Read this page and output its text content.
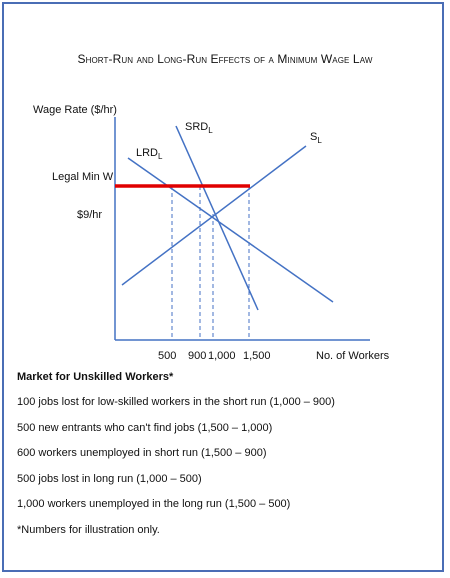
Short-Run and Long-Run Effects of a Minimum Wage Law
Wage Rate ($/hr)
No. of Workers
Legal Min W
$9/hr
500 900 1,000 1,500
$SRD_L$
$LRD_L$
$S_L$
Market for Unskilled Workers*
100 jobs lost for low-skilled workers in the short run (1,000 – 900)
500 new entrants who can't find jobs (1,500 – 1,000)
600 workers unemployed in short run (1,500 – 900)
500 jobs lost in long run (1,000 – 500)
1,000 workers unemployed in the long run (1,500 – 500)
*Numbers for illustration only.
